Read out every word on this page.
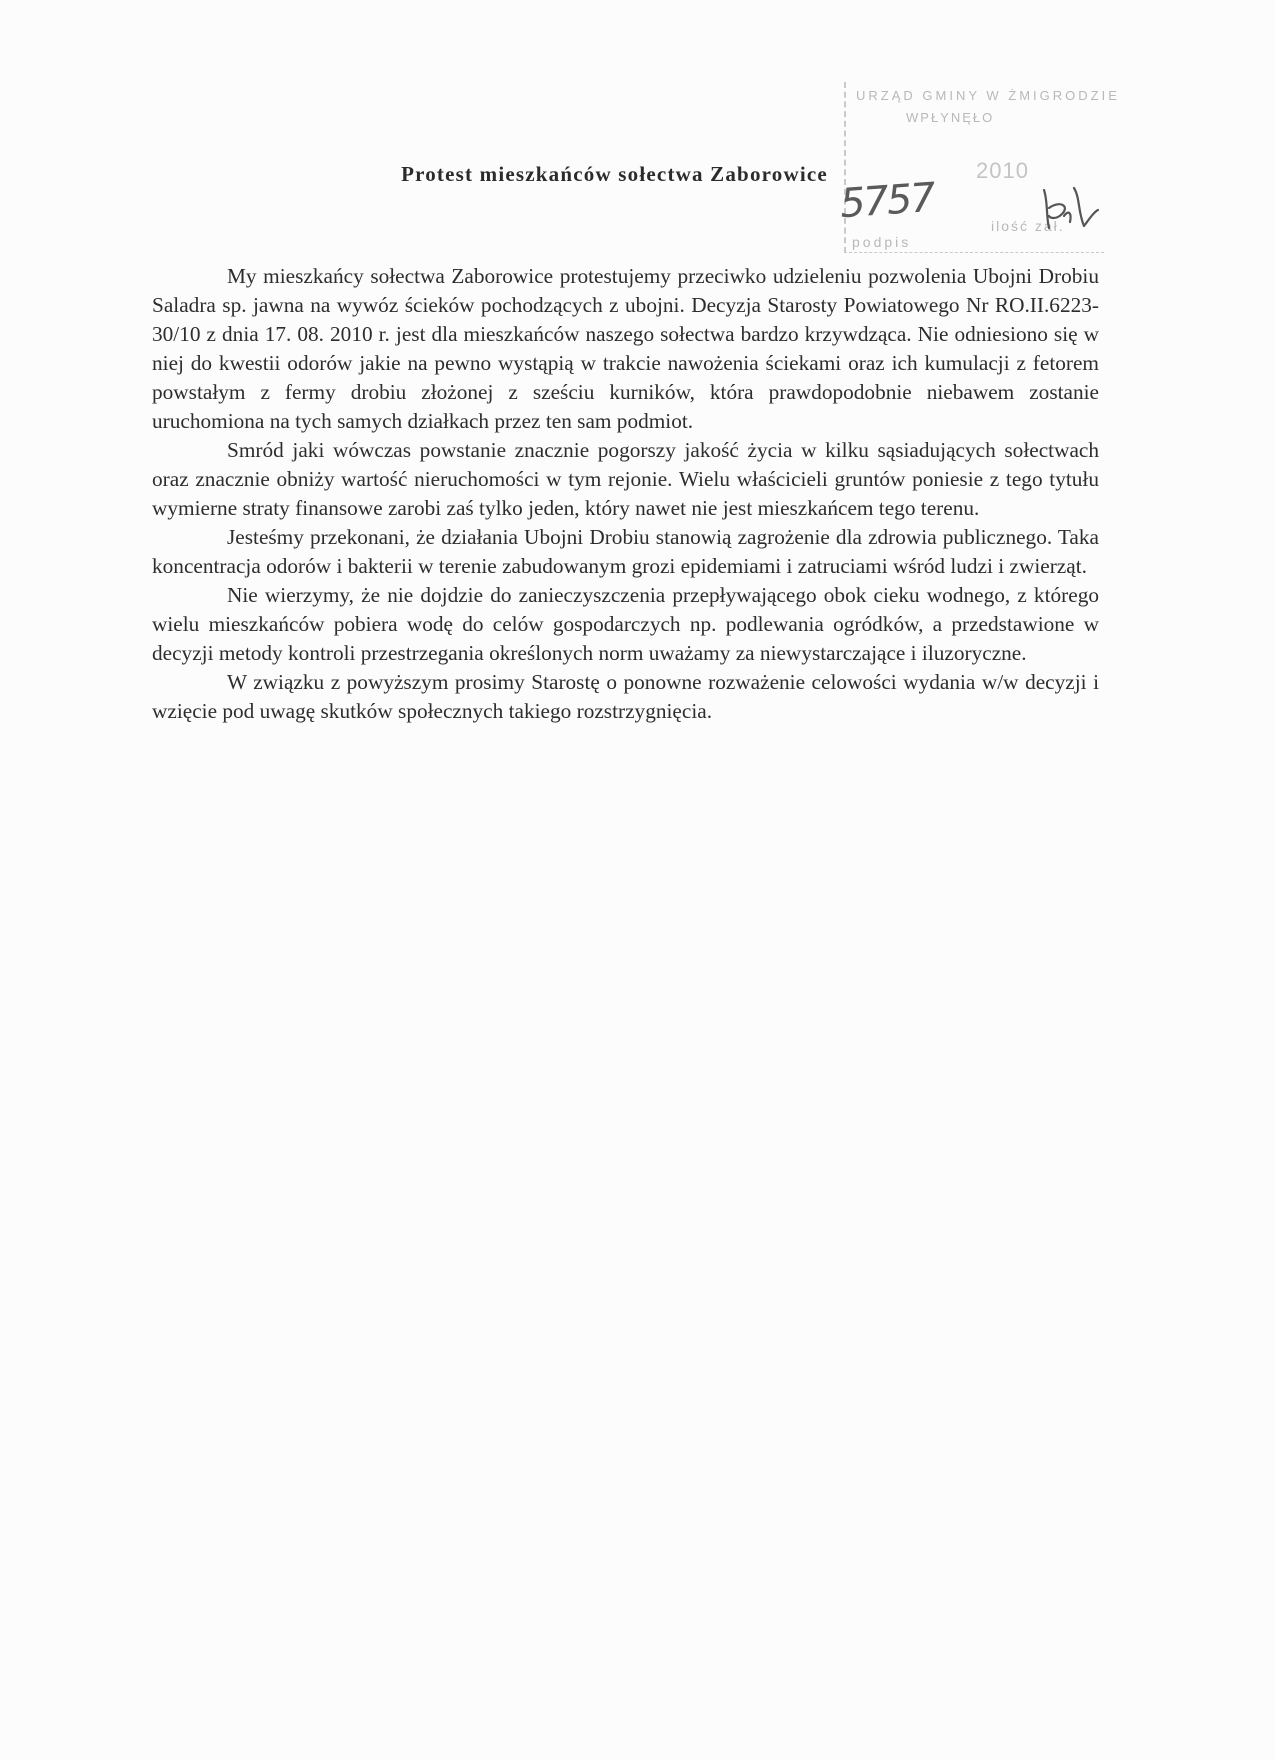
URZĄD GMINY W ŻMIGRODZIE
WPŁYNĘŁO
2010
ilość zał.
podpis
5757
Protest mieszkańców sołectwa Zaborowice

My mieszkańcy sołectwa Zaborowice protestujemy przeciwko udzieleniu pozwolenia Ubojni Drobiu Saladra sp. jawna na wywóz ścieków pochodzących z ubojni. Decyzja Starosty Powiatowego Nr RO.II.6223-30/10 z dnia 17. 08. 2010 r. jest dla mieszkańców naszego sołectwa bardzo krzywdząca. Nie odniesiono się w niej do kwestii odorów jakie na pewno wystąpią w trakcie nawożenia ściekami oraz ich kumulacji z fetorem powstałym z fermy drobiu złożonej z sześciu kurników, która prawdopodobnie niebawem zostanie uruchomiona na tych samych działkach przez ten sam podmiot.

Smród jaki wówczas powstanie znacznie pogorszy jakość życia w kilku sąsiadujących sołectwach oraz znacznie obniży wartość nieruchomości w tym rejonie. Wielu właścicieli gruntów poniesie z tego tytułu wymierne straty finansowe zarobi zaś tylko jeden, który nawet nie jest mieszkańcem tego terenu.

Jesteśmy przekonani, że działania Ubojni Drobiu stanowią zagrożenie dla zdrowia publicznego. Taka koncentracja odorów i bakterii w terenie zabudowanym grozi epidemiami i zatruciami wśród ludzi i zwierząt.

Nie wierzymy, że nie dojdzie do zanieczyszczenia przepływającego obok cieku wodnego, z którego wielu mieszkańców pobiera wodę do celów gospodarczych np. podlewania ogródków, a przedstawione w decyzji metody kontroli przestrzegania określonych norm uważamy za niewystarczające i iluzoryczne.

W związku z powyższym prosimy Starostę o ponowne rozważenie celowości wydania w/w decyzji i wzięcie pod uwagę skutków społecznych takiego rozstrzygnięcia.
